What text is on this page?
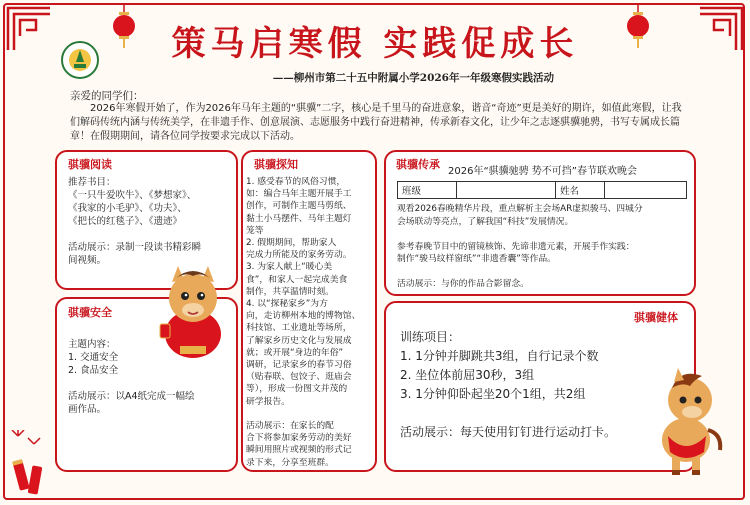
策马启寒假 实践促成长
——柳州市第二十五中附属小学2026年一年级寒假实践活动
亲爱的同学们：
2026年寒假开始了，作为2026年马年主题的“骐骥”二字，核心是千里马的奋进意象，谐音“奇迹”更是美好的期许，如值此寒假，让我们解码传统内涵与传统美学，在非遗手作、创意展演、志愿服务中践行奋进精神，传承新春文化，让少年之志逐骐骥驰骋，书写专属成长篇章！在假期期间，请各位同学按要求完成以下活动。
骐骥阅读

推荐书目：

《一只牛爱吹牛》、《梦想家》、

《我家的小毛驴》、《功夫》、

《把长的红毯子》、《遗迹》

活动展示：录制一段读书精彩瞬

间视频。

骐骥安全

主题内容：

1. 交通安全

2. 食品安全

活动展示：以A4纸完成一幅绘

画作品。

骐骥探知

1. 感受春节的风俗习惯，

如：编合马年主题开展手工

创作，可制作主题马剪纸、

黏土小马摆件、马年主题灯

笼等

2. 假期期间，帮助家人

完成力所能及的家务劳动。

3. 为家人献上“暖心美

食”，和家人一起完成美食

制作，共享温情时刻。

4. 以“探秘家乡”为方

向，走访柳州本地的博物馆、

科技馆、工业遗址等场所，

了解家乡历史文化与发展成

就；或开展“身边的年俗”

调研，记录家乡的春节习俗

（贴春联、包饺子、逛庙会

等），形成一份图文并茂的

研学报告。

活动展示：在家长的配

合下将参加家务劳动的美好

瞬间用照片或视频的形式记

录下来，分享至班群。

骐骥传承
2026年“骐骥驰骋 势不可挡”春节联欢晚会
班级		姓名	

观看2026春晚精华片段，重点解析主会场AR虚拟骏马、四城分

会场联动等亮点，了解我国“科技”发展情况。

参考春晚节目中的留镜核饰、先谛非遗元素，开展手作实践：

制作“骏马纹样窗纸”“非遗香囊”等作品。

活动展示：与你的作品合影留念。

骐骥健体

训练项目：

1. 1分钟并脚跳共3组，自行记录个数

2. 坐位体前屈30秒，3组

3. 1分钟仰卧起坐20个1组，共2组

活动展示：每天使用钉钉进行运动打卡。
